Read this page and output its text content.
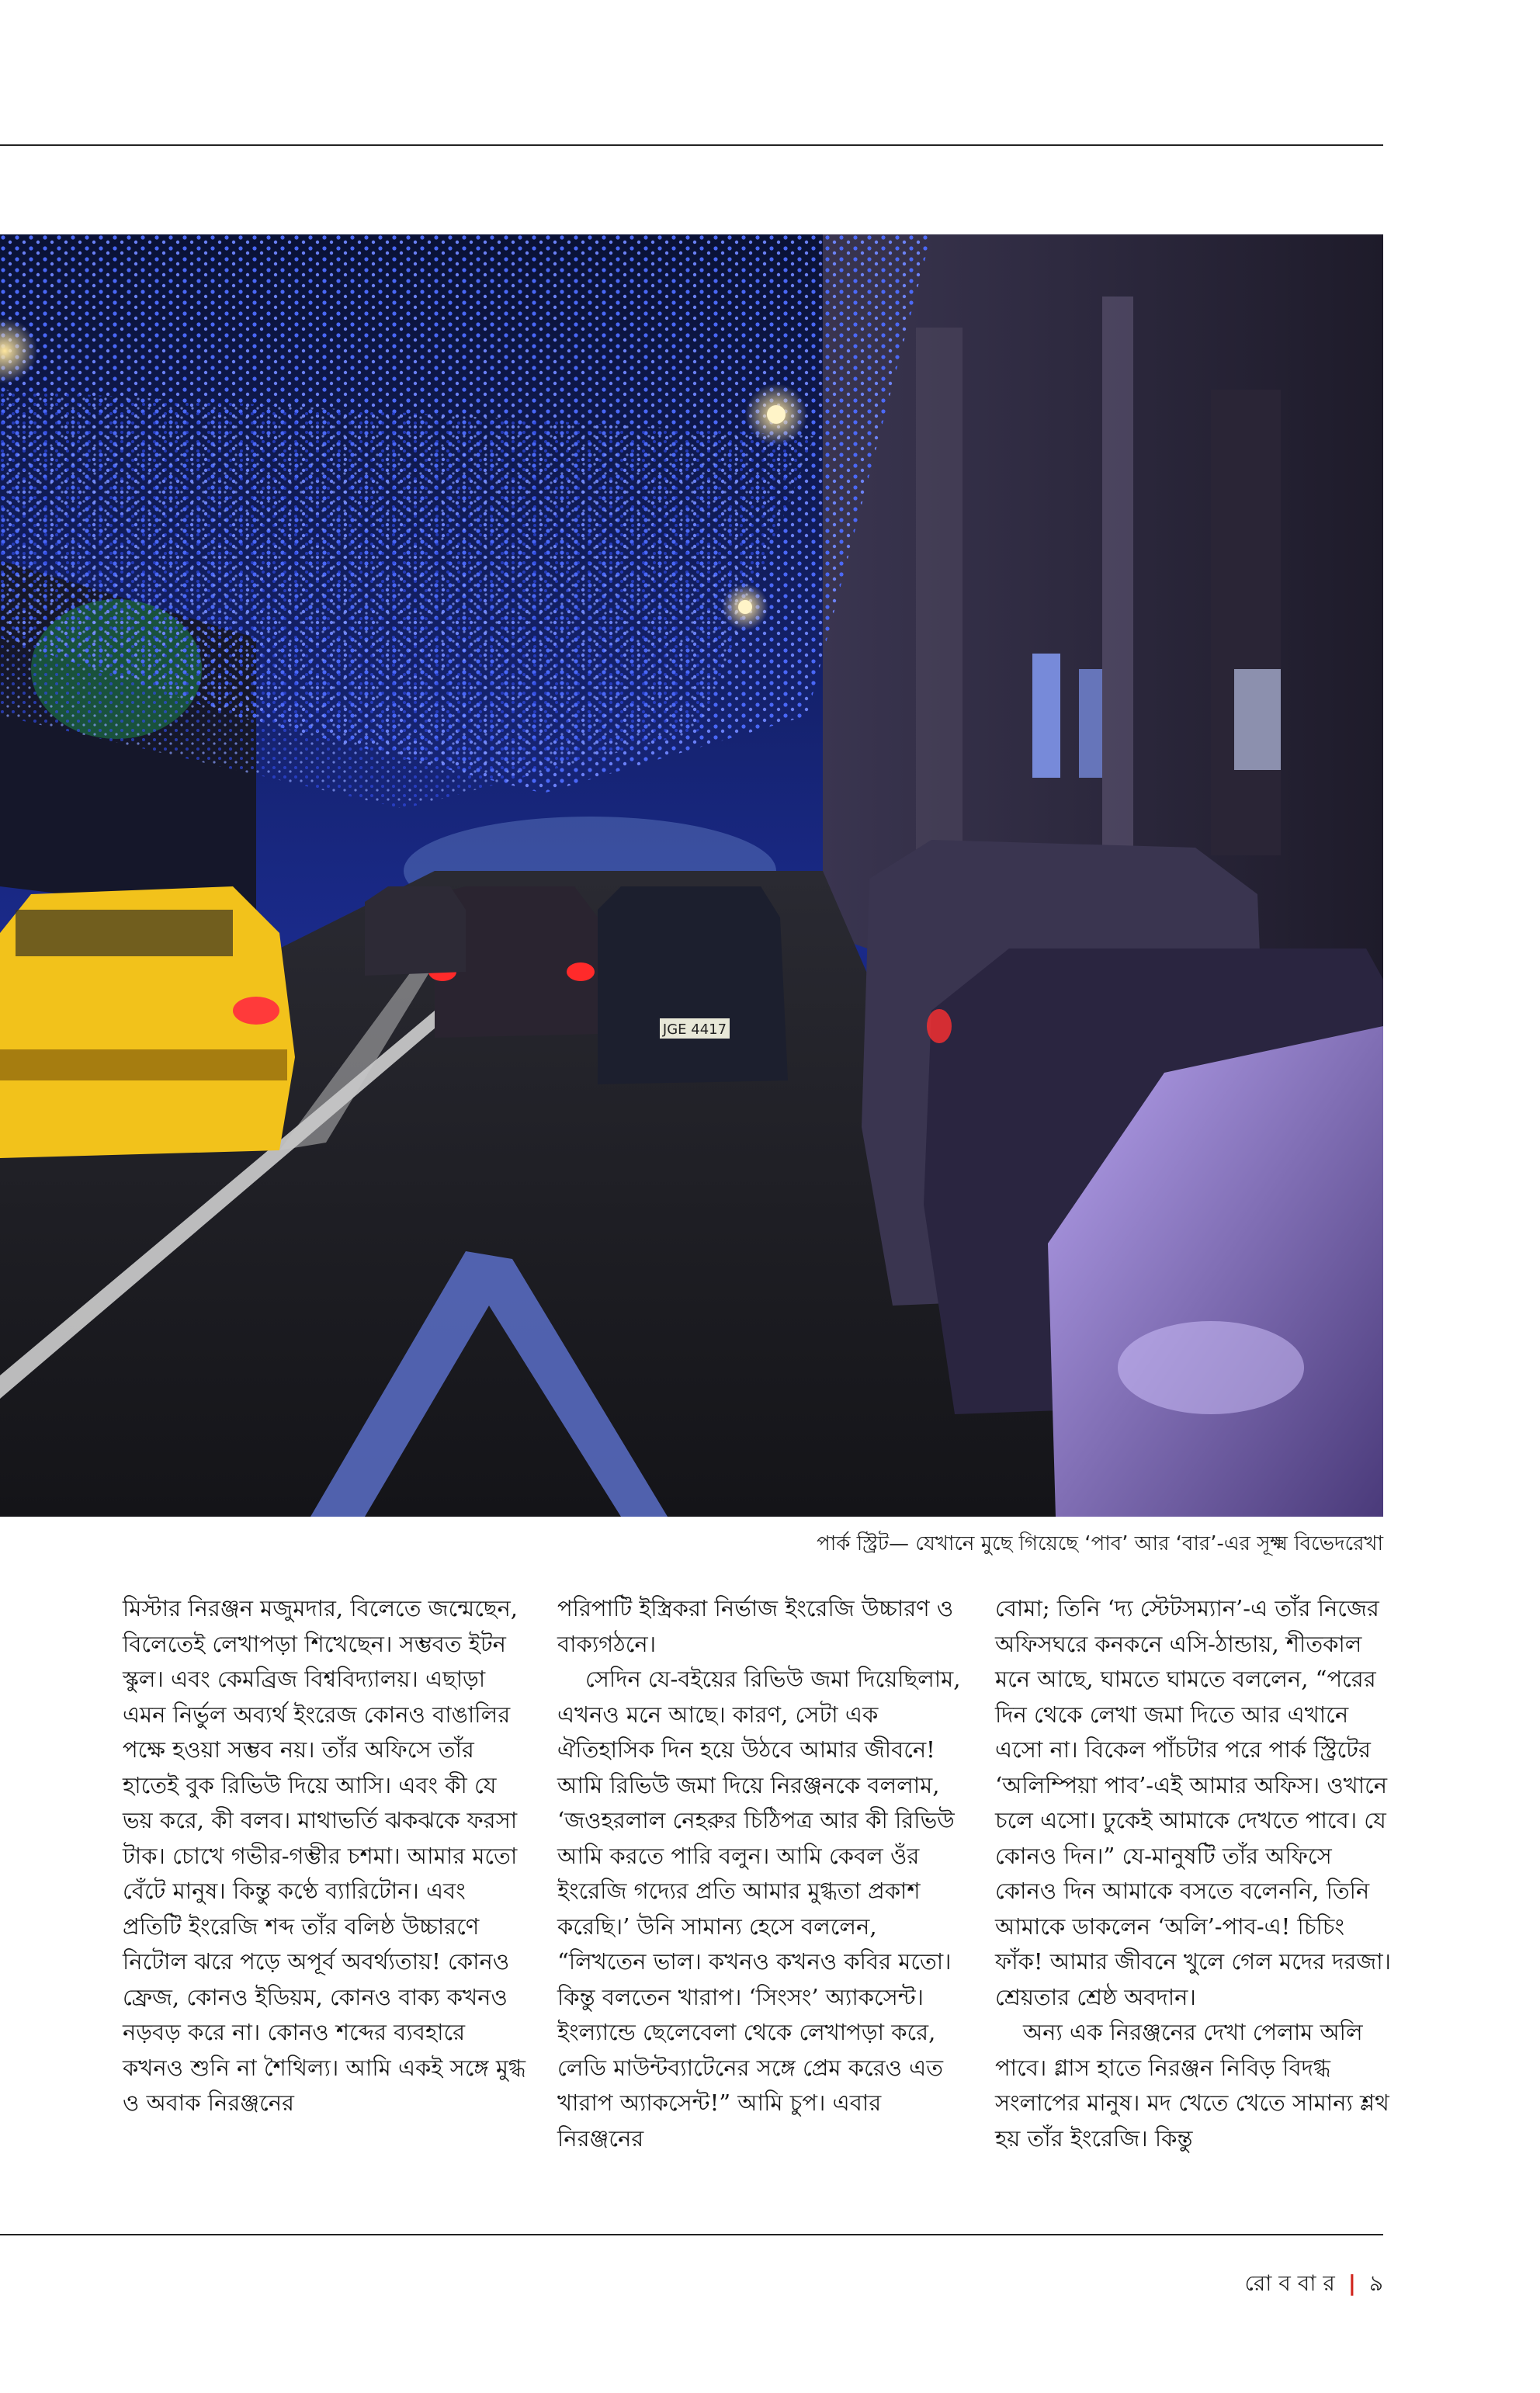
JGE 4417
পার্ক স্ট্রিট— যেখানে মুছে গিয়েছে ‘পাব’ আর ‘বার’-এর সূক্ষ্ম বিভেদরেখা

মিস্টার নিরঞ্জন মজুমদার, বিলেতে জন্মেছেন, বিলেতেই লেখাপড়া শিখেছেন। সম্ভবত ইটন স্কুল। এবং কেমব্রিজ বিশ্ববিদ্যালয়। এছাড়া এমন নির্ভুল অব্যর্থ ইংরেজ কোনও বাঙালির পক্ষে হওয়া সম্ভব নয়। তাঁর অফিসে তাঁর হাতেই বুক রিভিউ দিয়ে আসি। এবং কী যে ভয় করে, কী বলব। মাথাভর্তি ঝকঝকে ফরসা টাক। চোখে গভীর-গম্ভীর চশমা। আমার মতো বেঁটে মানুষ। কিন্তু কণ্ঠে ব্যারিটোন। এবং প্রতিটি ইংরেজি শব্দ তাঁর বলিষ্ঠ উচ্চারণে নিটোল ঝরে পড়ে অপূর্ব অবর্থ্যতায়! কোনও ফ্রেজ, কোনও ইডিয়ম, কোনও বাক্য কখনও নড়বড় করে না। কোনও শব্দের ব্যবহারে কখনও শুনি না শৈথিল্য। আমি একই সঙ্গে মুগ্ধ ও অবাক নিরঞ্জনের

পরিপাটি ইস্ত্রিকরা নির্ভাজ ইংরেজি উচ্চারণ ও বাক্যগঠনে।

সেদিন যে-বইয়ের রিভিউ জমা দিয়েছিলাম, এখনও মনে আছে। কারণ, সেটা এক ঐতিহাসিক দিন হয়ে উঠবে আমার জীবনে! আমি রিভিউ জমা দিয়ে নিরঞ্জনকে বললাম, ‘জওহরলাল নেহরুর চিঠিপত্র আর কী রিভিউ আমি করতে পারি বলুন। আমি কেবল ওঁর ইংরেজি গদ্যের প্রতি আমার মুগ্ধতা প্রকাশ করেছি।’ উনি সামান্য হেসে বললেন, “লিখতেন ভাল। কখনও কখনও কবির মতো। কিন্তু বলতেন খারাপ। ‘সিংসং’ অ্যাকসেন্ট। ইংল্যান্ডে ছেলেবেলা থেকে লেখাপড়া করে, লেডি মাউন্টব্যাটেনের সঙ্গে প্রেম করেও এত খারাপ অ্যাকসেন্ট!” আমি চুপ। এবার নিরঞ্জনের

বোমা; তিনি ‘দ্য স্টেটসম্যান’-এ তাঁর নিজের অফিসঘরে কনকনে এসি-ঠান্ডায়, শীতকাল মনে আছে, ঘামতে ঘামতে বললেন, “পরের দিন থেকে লেখা জমা দিতে আর এখানে এসো না। বিকেল পাঁচটার পরে পার্ক স্ট্রিটের ‘অলিম্পিয়া পাব’-এই আমার অফিস। ওখানে চলে এসো। ঢুকেই আমাকে দেখতে পাবে। যে কোনও দিন।” যে-মানুষটি তাঁর অফিসে কোনও দিন আমাকে বসতে বলেননি, তিনি আমাকে ডাকলেন ‘অলি’-পাব-এ! চিচিং ফাঁক! আমার জীবনে খুলে গেল মদের দরজা। শ্রেয়তার শ্রেষ্ঠ অবদান।

অন্য এক নিরঞ্জনের দেখা পেলাম অলি পাবে। গ্লাস হাতে নিরঞ্জন নিবিড় বিদগ্ধ সংলাপের মানুষ। মদ খেতে খেতে সামান্য শ্লথ হয় তাঁর ইংরেজি। কিন্তু

রো ব বা র | ৯
